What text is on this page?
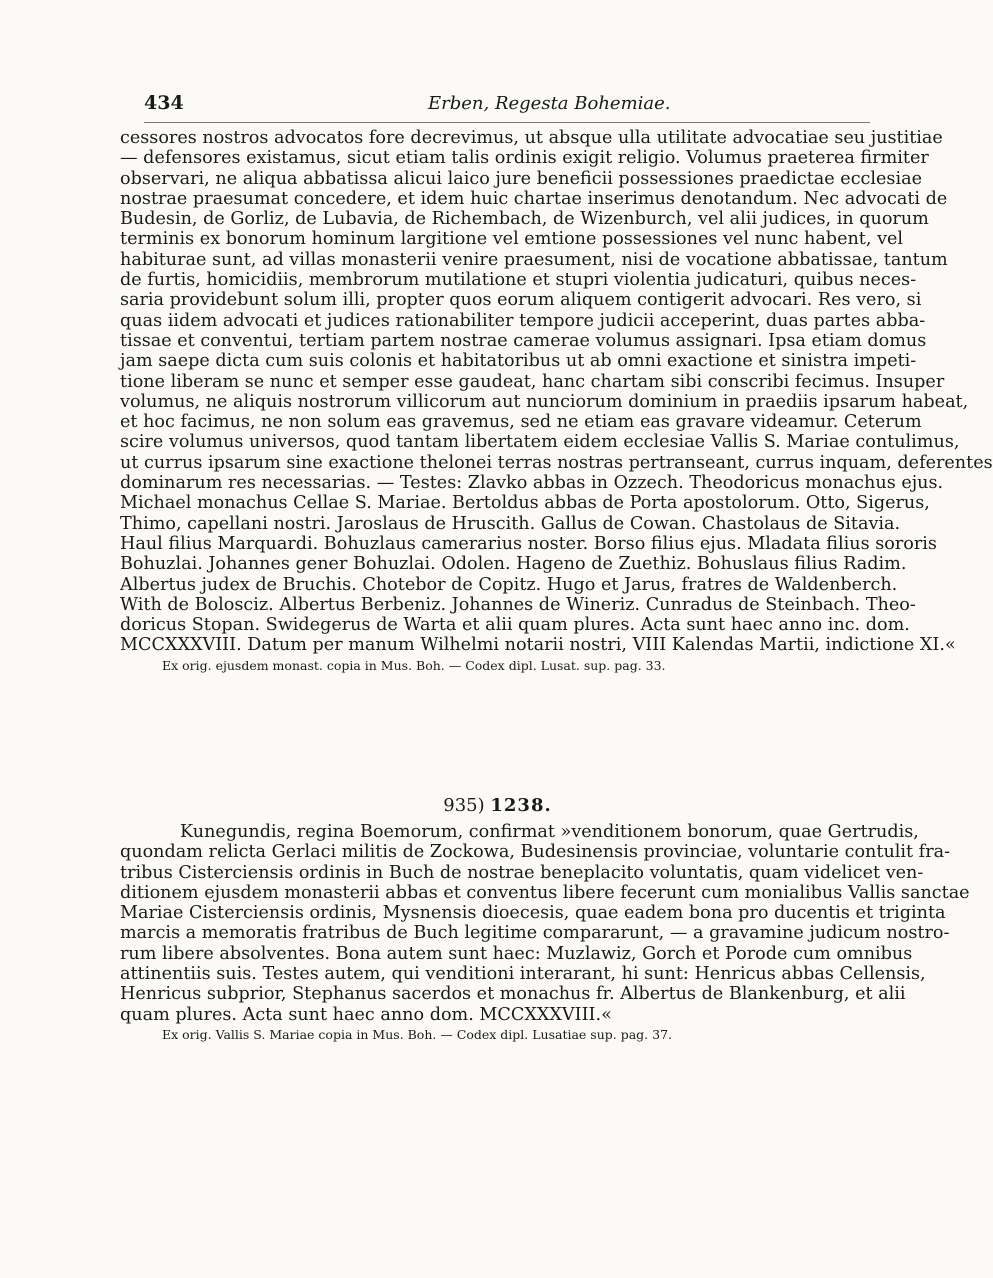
434	Erben, Regesta Bohemiae.
cessores nostros advocatos fore decrevimus, ut absque ulla utilitate advocatiae seu justitiae
— defensores existamus, sicut etiam talis ordinis exigit religio. Volumus praeterea firmiter
observari, ne aliqua abbatissa alicui laico jure beneficii possessiones praedictae ecclesiae
nostrae praesumat concedere, et idem huic chartae inserimus denotandum. Nec advocati de
Budesin, de Gorliz, de Lubavia, de Richembach, de Wizenburch, vel alii judices, in quorum
terminis ex bonorum hominum largitione vel emtione possessiones vel nunc habent, vel
habiturae sunt, ad villas monasterii venire praesument, nisi de vocatione abbatissae, tantum
de furtis, homicidiis, membrorum mutilatione et stupri violentia judicaturi, quibus neces-
saria providebunt solum illi, propter quos eorum aliquem contigerit advocari. Res vero, si
quas iidem advocati et judices rationabiliter tempore judicii acceperint, duas partes abba-
tissae et conventui, tertiam partem nostrae camerae volumus assignari. Ipsa etiam domus
jam saepe dicta cum suis colonis et habitatoribus ut ab omni exactione et sinistra impeti-
tione liberam se nunc et semper esse gaudeat, hanc chartam sibi conscribi fecimus. Insuper
volumus, ne aliquis nostrorum villicorum aut nunciorum dominium in praediis ipsarum habeat,
et hoc facimus, ne non solum eas gravemus, sed ne etiam eas gravare videamur. Ceterum
scire volumus universos, quod tantam libertatem eidem ecclesiae Vallis S. Mariae contulimus,
ut currus ipsarum sine exactione thelonei terras nostras pertranseant, currus inquam, deferentes
dominarum res necessarias. — Testes: Zlavko abbas in Ozzech. Theodoricus monachus ejus.
Michael monachus Cellae S. Mariae. Bertoldus abbas de Porta apostolorum. Otto, Sigerus,
Thimo, capellani nostri. Jaroslaus de Hruscith. Gallus de Cowan. Chastolaus de Sitavia.
Haul filius Marquardi. Bohuzlaus camerarius noster. Borso filius ejus. Mladata filius sororis
Bohuzlai. Johannes gener Bohuzlai. Odolen. Hageno de Zuethiz. Bohuslaus filius Radim.
Albertus judex de Bruchis. Chotebor de Copitz. Hugo et Jarus, fratres de Waldenberch.
With de Bolosciz. Albertus Berbeniz. Johannes de Wineriz. Cunradus de Steinbach. Theo-
doricus Stopan. Swidegerus de Warta et alii quam plures. Acta sunt haec anno inc. dom.
MCCXXXVIII. Datum per manum Wilhelmi notarii nostri, VIII Kalendas Martii, indictione XI.«
Ex orig. ejusdem monast. copia in Mus. Boh. — Codex dipl. Lusat. sup. pag. 33.
935) 1238.
Kunegundis, regina Boemorum, confirmat »venditionem bonorum, quae Gertrudis,
quondam relicta Gerlaci militis de Zockowa, Budesinensis provinciae, voluntarie contulit fra-
tribus Cisterciensis ordinis in Buch de nostrae beneplacito voluntatis, quam videlicet ven-
ditionem ejusdem monasterii abbas et conventus libere fecerunt cum monialibus Vallis sanctae
Mariae Cisterciensis ordinis, Mysnensis dioecesis, quae eadem bona pro ducentis et triginta
marcis a memoratis fratribus de Buch legitime compararunt, — a gravamine judicum nostro-
rum libere absolventes. Bona autem sunt haec: Muzlawiz, Gorch et Porode cum omnibus
attinentiis suis. Testes autem, qui venditioni interarant, hi sunt: Henricus abbas Cellensis,
Henricus subprior, Stephanus sacerdos et monachus fr. Albertus de Blankenburg, et alii
quam plures. Acta sunt haec anno dom. MCCXXXVIII.«
Ex orig. Vallis S. Mariae copia in Mus. Boh. — Codex dipl. Lusatiae sup. pag. 37.
